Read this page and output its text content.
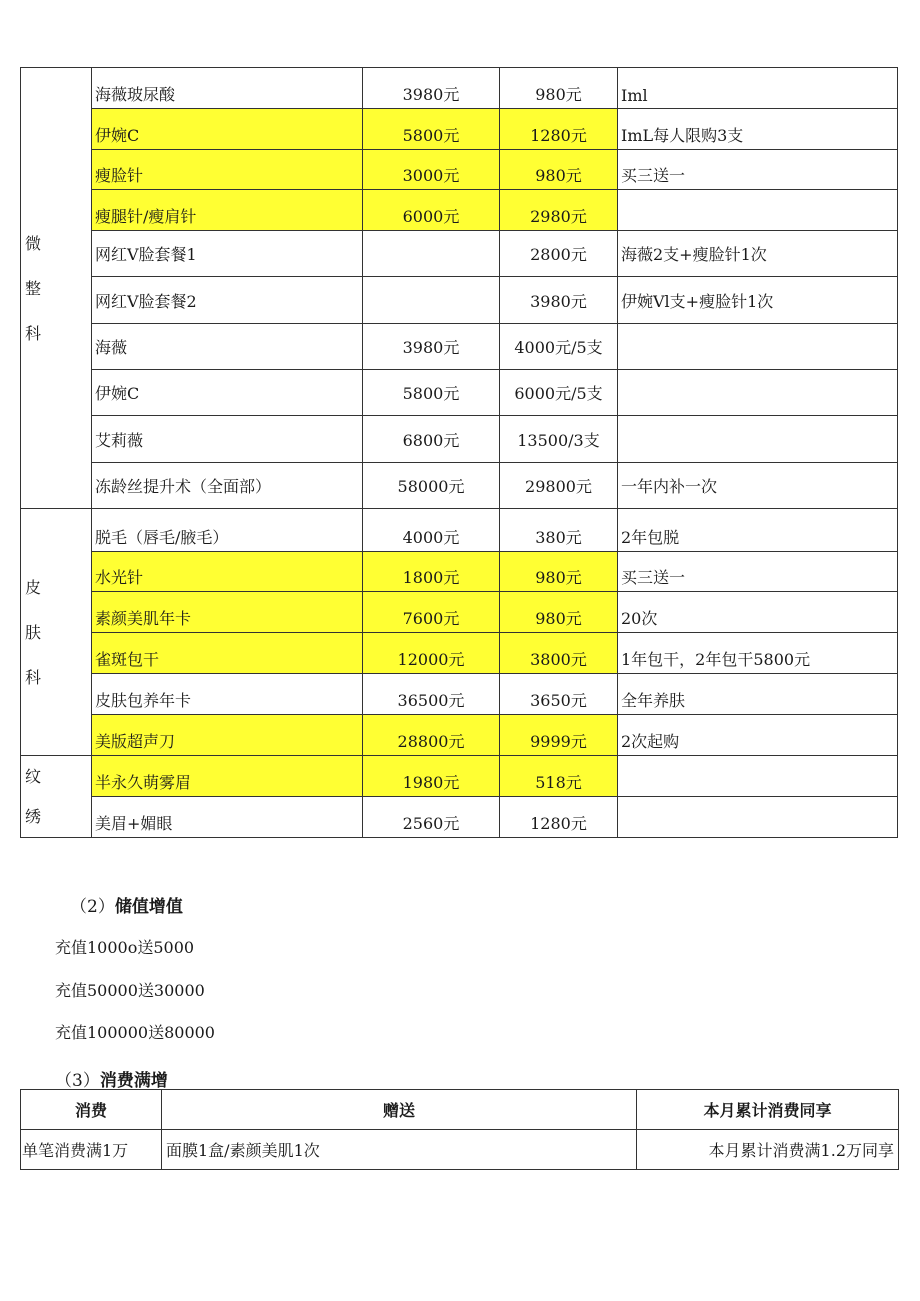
微
整
科	海薇玻尿酸	3980元	980元	Iml
	伊婉C	5800元	1280元	ImL每人限购3支
	瘦脸针	3000元	980元	买三送一
	瘦腿针/瘦肩针	6000元	2980元	
	网红V脸套餐1		2800元	海薇2支+瘦脸针1次
	网红V脸套餐2		3980元	伊婉Vl支+瘦脸针1次
	海薇	3980元	4000元/5支	
	伊婉C	5800元	6000元/5支	
	艾莉薇	6800元	13500/3支	
	冻龄丝提升术（全面部）	58000元	29800元	一年内补一次
皮
肤
科	脱毛（唇毛/腋毛）	4000元	380元	2年包脱
	水光针	1800元	980元	买三送一
	素颜美肌年卡	7600元	980元	20次
	雀斑包干	12000元	3800元	1年包干，2年包干5800元
	皮肤包养年卡	36500元	3650元	全年养肤
	美版超声刀	28800元	9999元	2次起购
纹
绣	半永久萌雾眉	1980元	518元	
	美眉+媚眼	2560元	1280元	
（2）储值增值
充值1000o送5000
充值50000送30000
充值100000送80000
（3）消费满增
消费	赠送	本月累计消费同享
单笔消费满1万	面膜1盒/素颜美肌1次	本月累计消费满1.2万同享
